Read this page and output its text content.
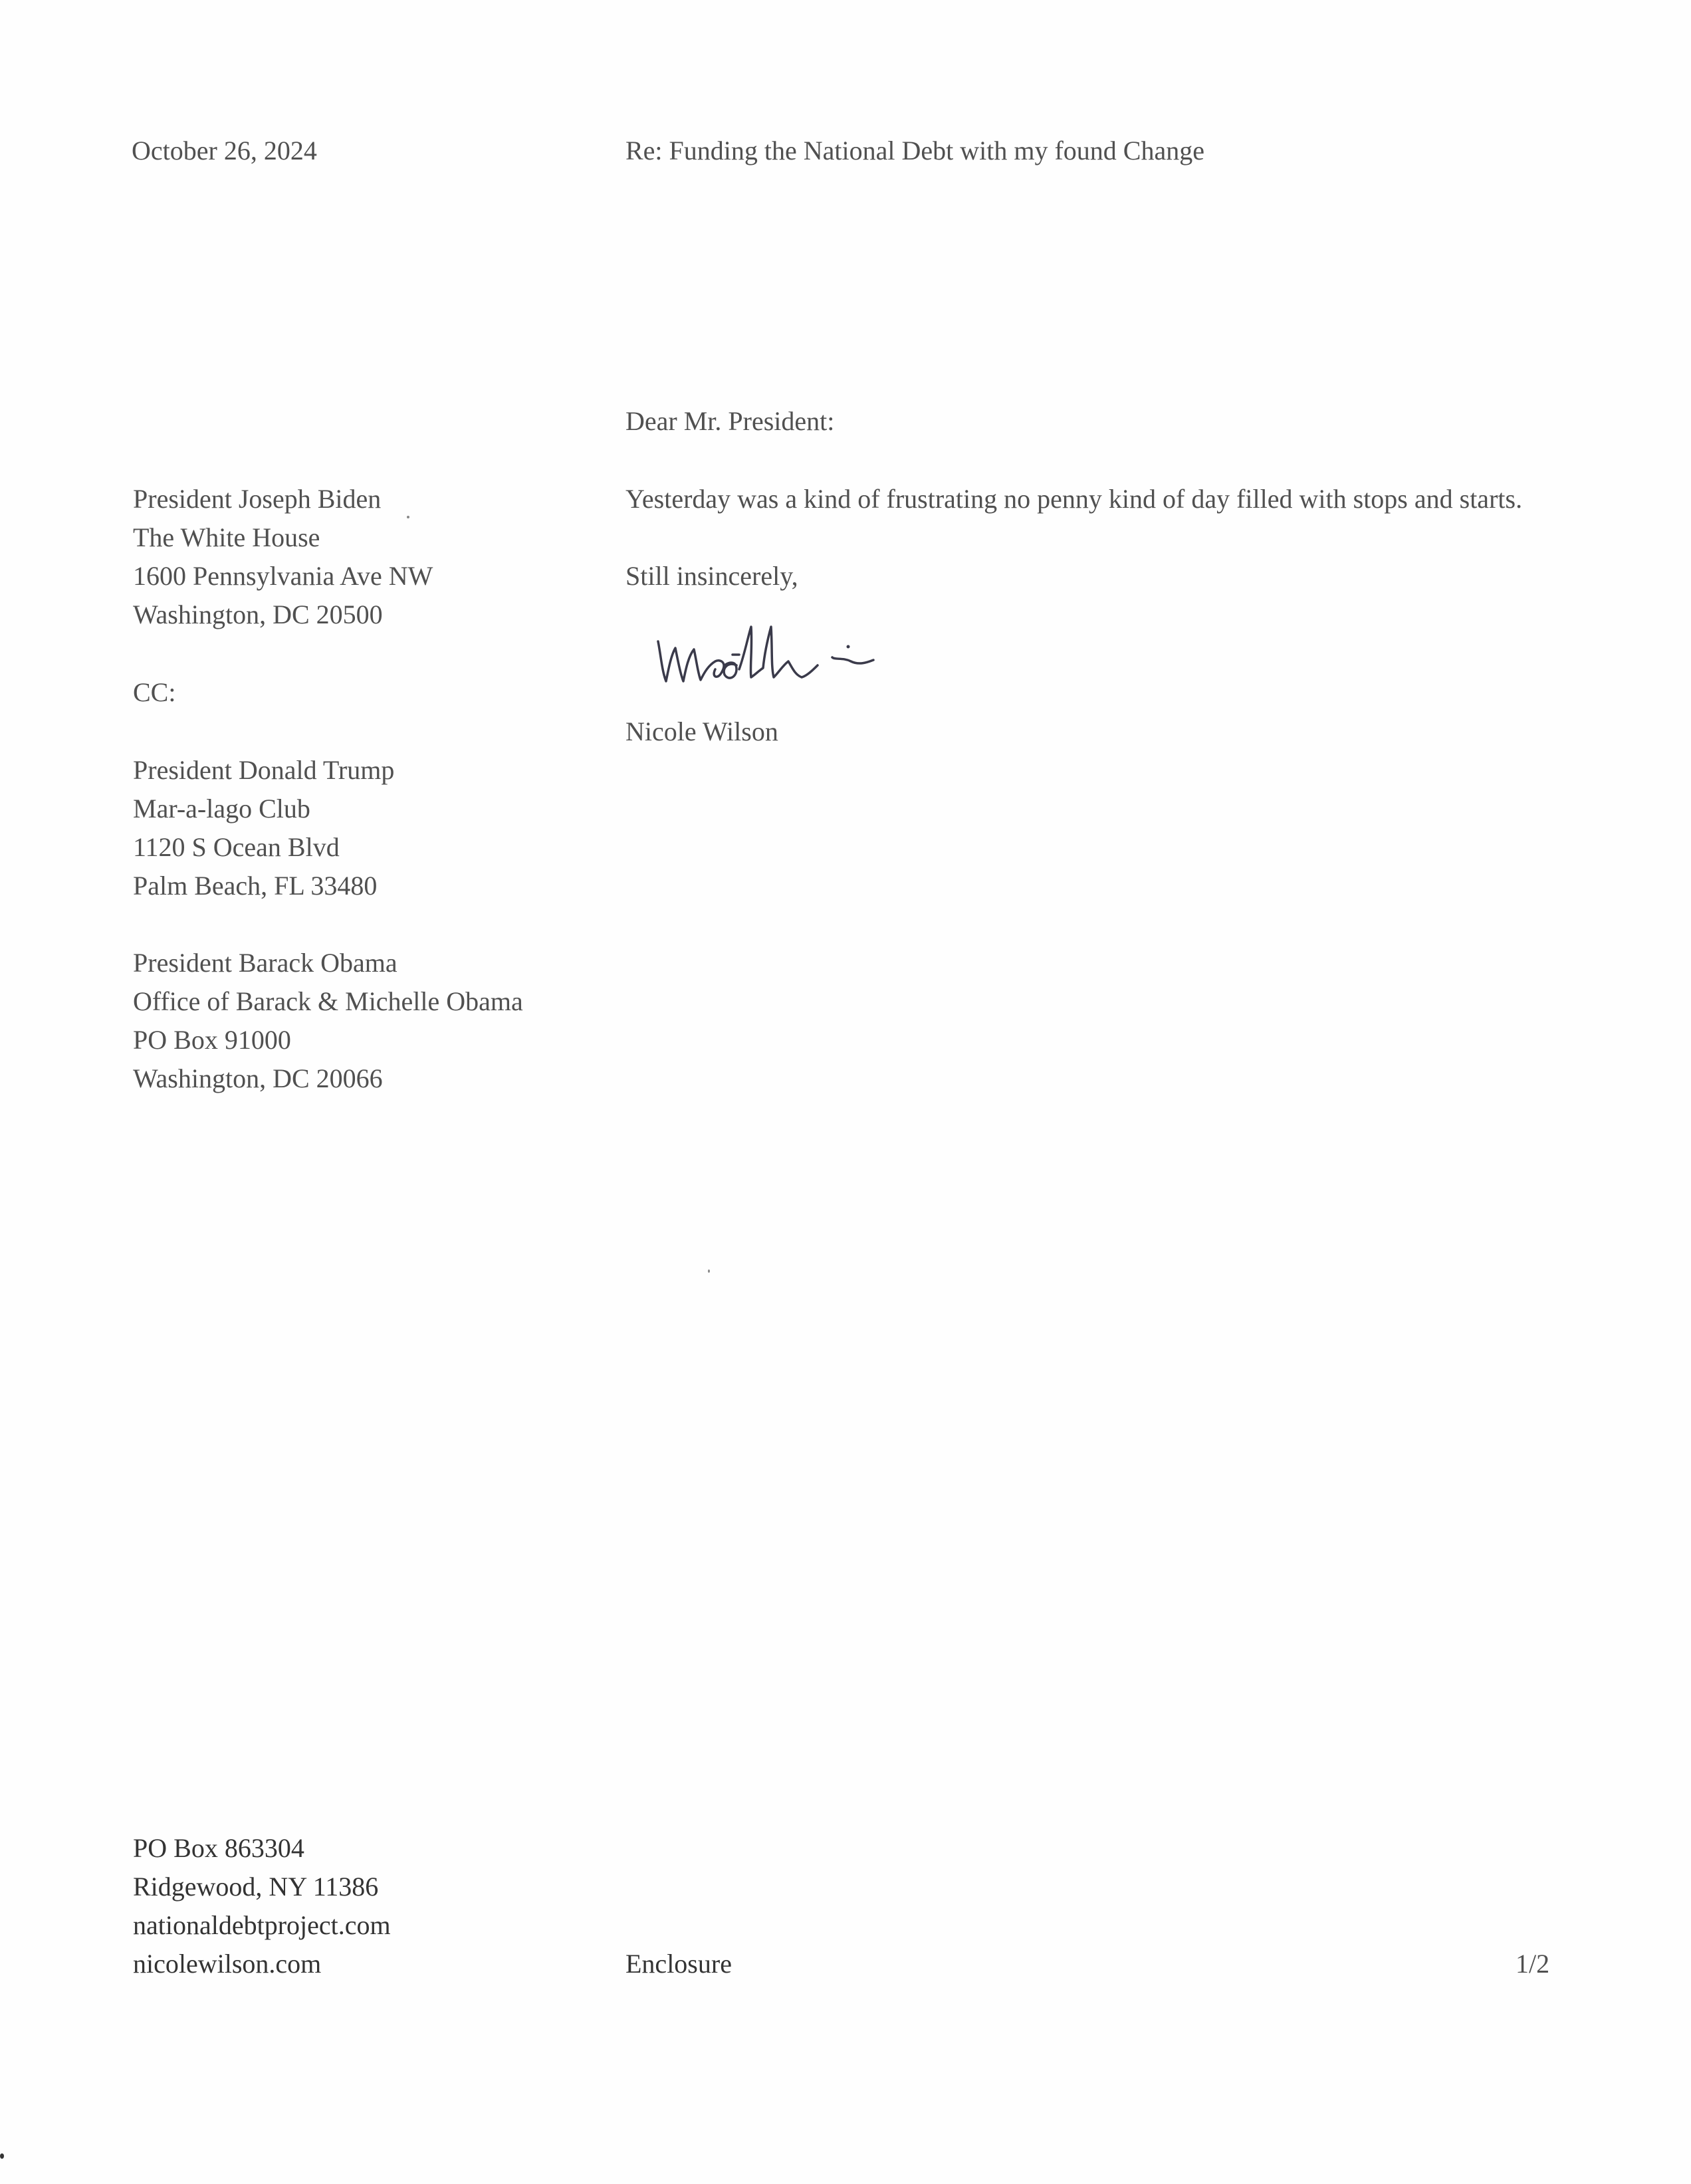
October 26, 2024	Re: Funding the National Debt with my found Change
Dear Mr. President:
Yesterday was a kind of frustrating no penny kind of day filled with stops and starts.
Still insincerely,
Nicole Wilson
President Joseph Biden
The White House
1600 Pennsylvania Ave NW
Washington, DC 20500
CC:
President Donald Trump
Mar-a-lago Club
1120 S Ocean Blvd
Palm Beach, FL 33480
President Barack Obama
Office of Barack & Michelle Obama
PO Box 91000
Washington, DC 20066
PO Box 863304
Ridgewood, NY 11386
nationaldebtproject.com
nicolewilson.com	Enclosure	1/2
